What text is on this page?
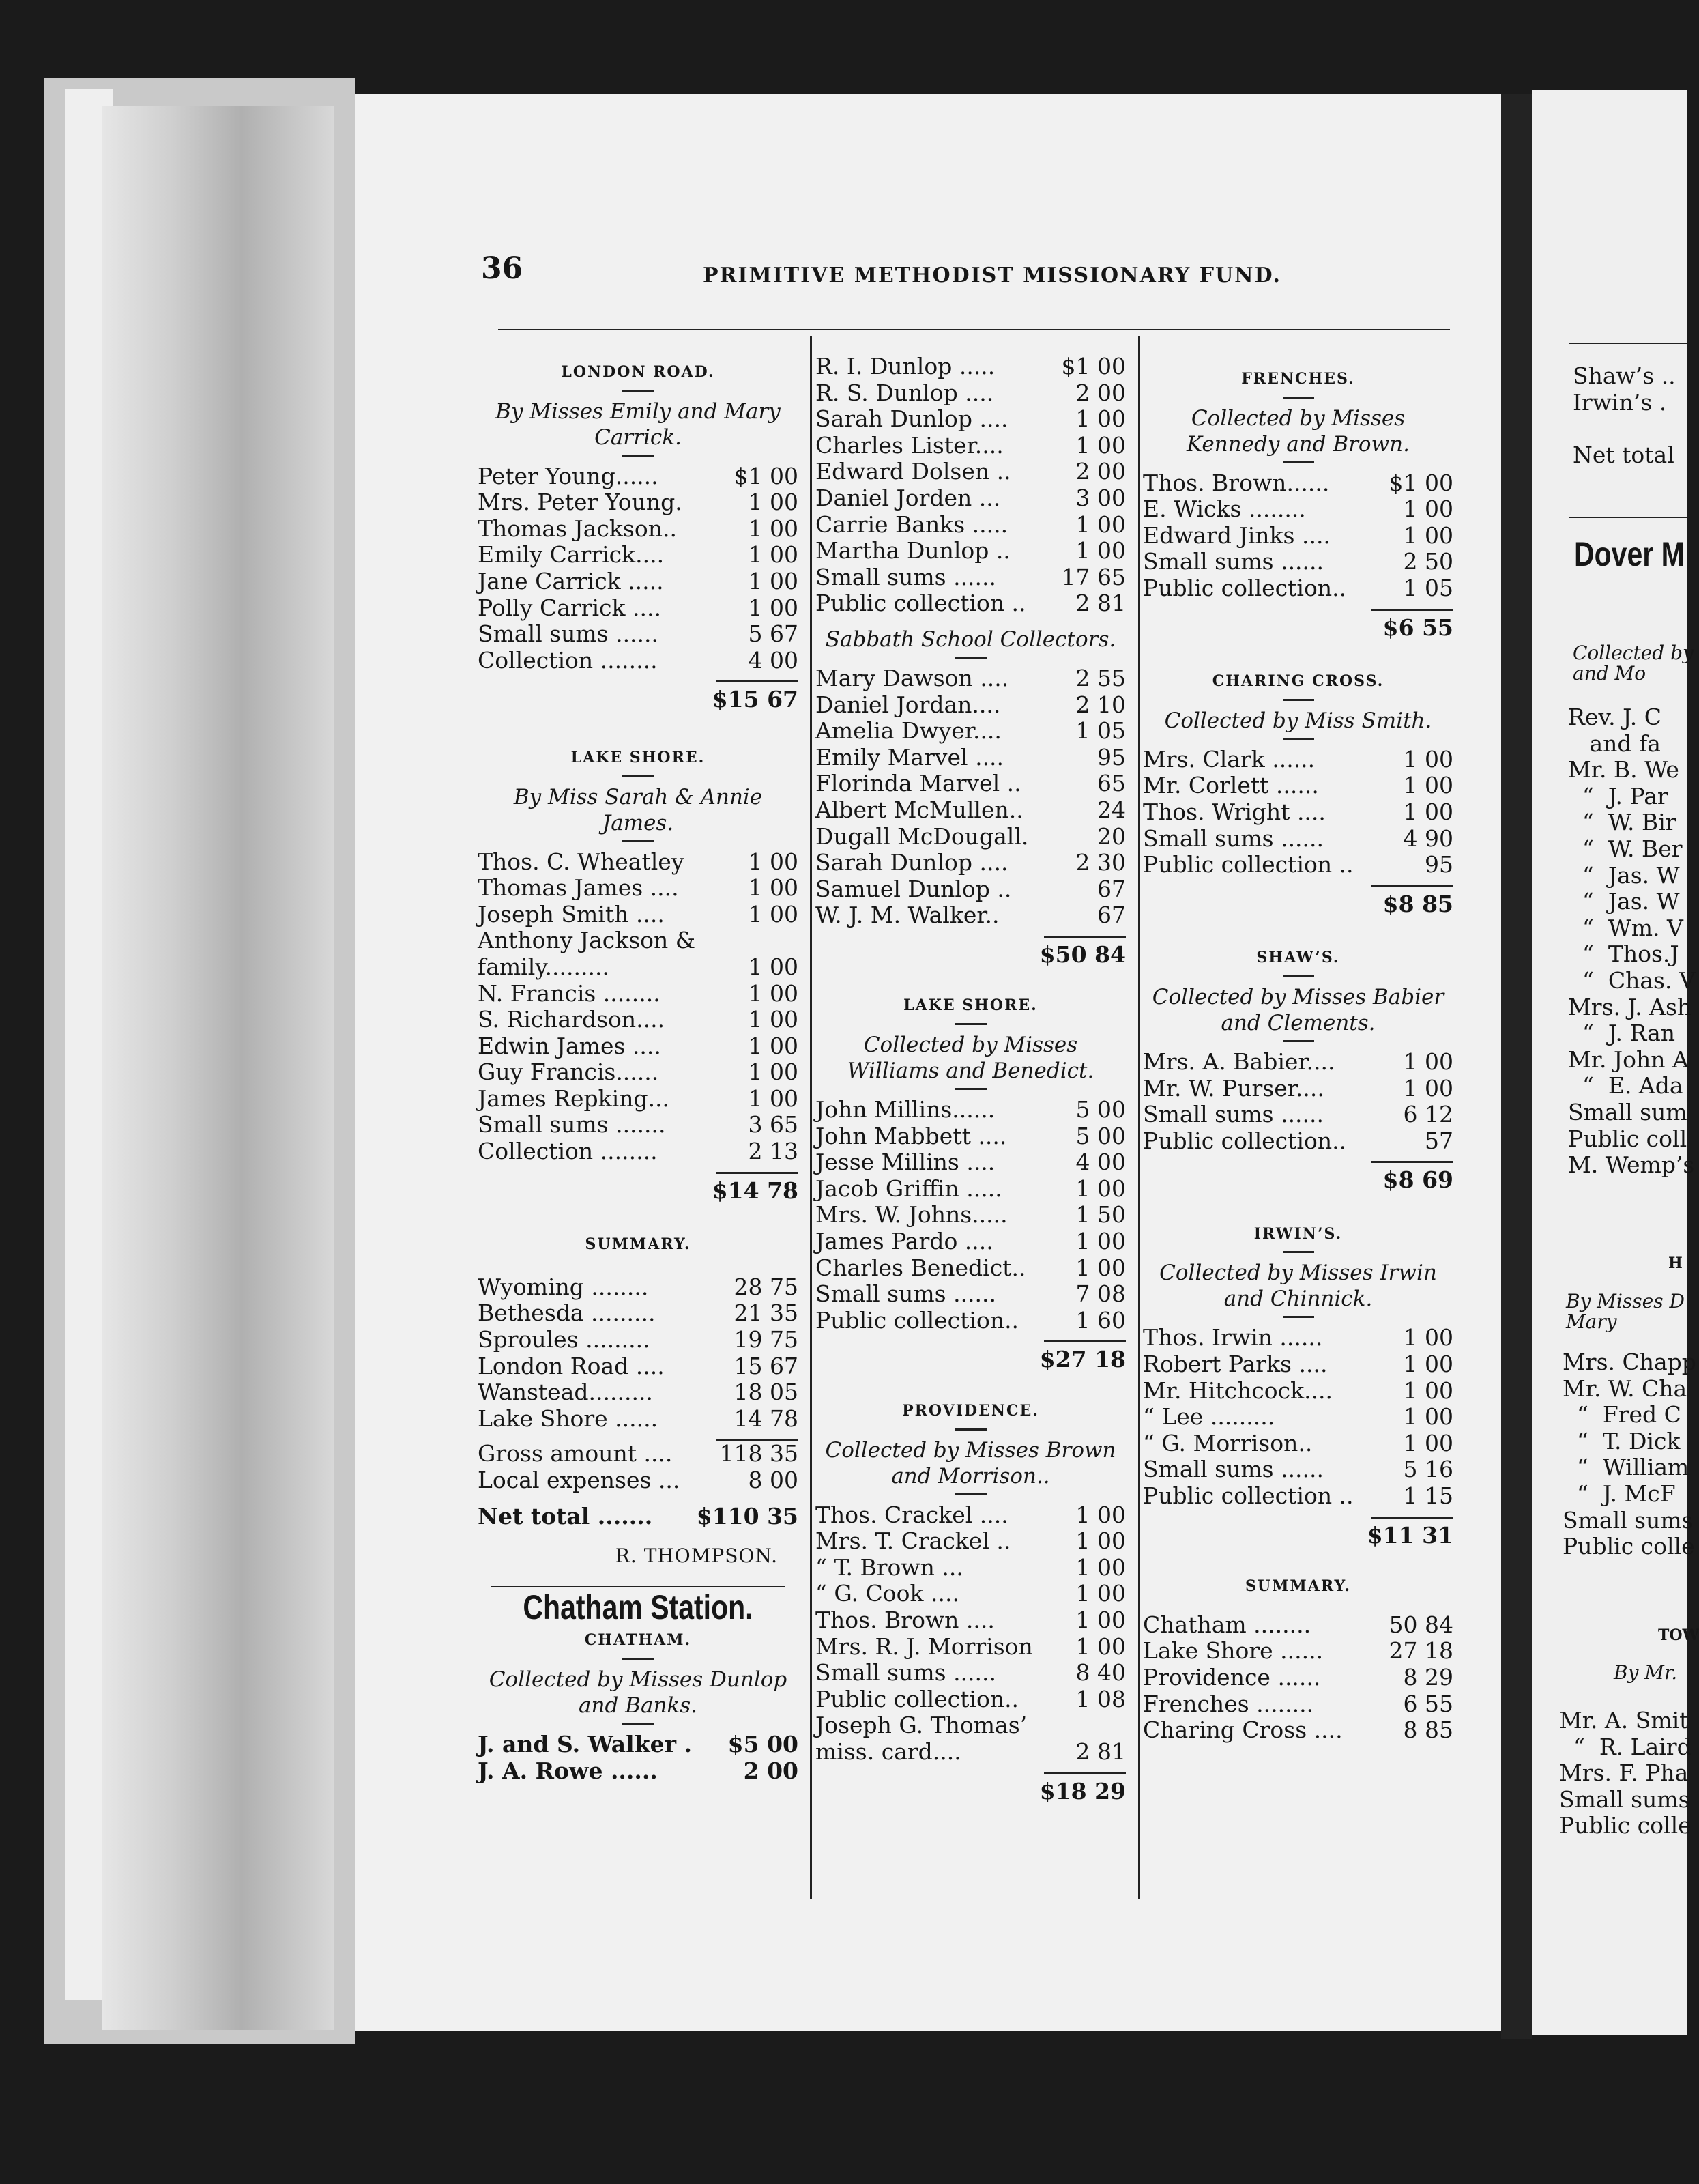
36	PRIMITIVE METHODIST MISSIONARY FUND.
LONDON ROAD.
By Misses Emily and Mary Carrick.
Peter Young......	$1 00
Mrs. Peter Young.	1 00
Thomas Jackson..	1 00
Emily Carrick....	1 00
Jane Carrick .....	1 00
Polly Carrick ....	1 00
Small sums ......	5 67
Collection ........	4 00
$15 67
LAKE SHORE.
By Miss Sarah & Annie James.
Thos. C. Wheatley	1 00
Thomas James ....	1 00
Joseph Smith ....	1 00
Anthony Jackson &
family.........	1 00
N. Francis ........	1 00
S. Richardson....	1 00
Edwin James ....	1 00
Guy Francis......	1 00
James Repking...	1 00
Small sums .......	3 65
Collection ........	2 13
$14 78
SUMMARY.
Wyoming ........	28 75
Bethesda .........	21 35
Sproules .........	19 75
London Road ....	15 67
Wanstead.........	18 05
Lake Shore ......	14 78
Gross amount ....	118 35
Local expenses ...	8 00
Net total .......	$110 35
R. THOMPSON.
Chatham Station.
CHATHAM.
Collected by Misses Dunlop and Banks.
J. and S. Walker .	$5 00
J. A. Rowe ......	2 00
R. I. Dunlop .....	$1 00
R. S. Dunlop ....	2 00
Sarah Dunlop ....	1 00
Charles Lister....	1 00
Edward Dolsen ..	2 00
Daniel Jorden ...	3 00
Carrie Banks .....	1 00
Martha Dunlop ..	1 00
Small sums ......	17 65
Public collection ..	2 81
Sabbath School Collectors.
Mary Dawson ....	2 55
Daniel Jordan....	2 10
Amelia Dwyer....	1 05
Emily Marvel ....	95
Florinda Marvel ..	65
Albert McMullen..	24
Dugall McDougall.	20
Sarah Dunlop ....	2 30
Samuel Dunlop ..	67
W. J. M. Walker..	67
$50 84
LAKE SHORE.
Collected by Misses Williams and Benedict.
John Millins......	5 00
John Mabbett ....	5 00
Jesse Millins ....	4 00
Jacob Griffin .....	1 00
Mrs. W. Johns.....	1 50
James Pardo ....	1 00
Charles Benedict..	1 00
Small sums ......	7 08
Public collection..	1 60
$27 18
PROVIDENCE.
Collected by Misses Brown and Morrison..
Thos. Crackel ....	1 00
Mrs. T. Crackel ..	1 00
“ T. Brown ...	1 00
“ G. Cook ....	1 00
Thos. Brown ....	1 00
Mrs. R. J. Morrison	1 00
Small sums ......	8 40
Public collection..	1 08
Joseph G. Thomas’
miss. card....	2 81
$18 29
FRENCHES.
Collected by Misses Kennedy and Brown.
Thos. Brown......	$1 00
E. Wicks ........	1 00
Edward Jinks ....	1 00
Small sums ......	2 50
Public collection..	1 05
$6 55
CHARING CROSS.
Collected by Miss Smith.
Mrs. Clark ......	1 00
Mr. Corlett ......	1 00
Thos. Wright ....	1 00
Small sums ......	4 90
Public collection ..	95
$8 85
SHAW’S.
Collected by Misses Babier and Clements.
Mrs. A. Babier....	1 00
Mr. W. Purser....	1 00
Small sums ......	6 12
Public collection..	57
$8 69
IRWIN’S.
Collected by Misses Irwin and Chinnick.
Thos. Irwin ......	1 00
Robert Parks ....	1 00
Mr. Hitchcock....	1 00
“ Lee .........	1 00
“ G. Morrison..	1 00
Small sums ......	5 16
Public collection ..	1 15
$11 31
SUMMARY.
Chatham ........	50 84
Lake Shore ......	27 18
Providence ......	8 29
Frenches ........	6 55
Charing Cross ....	8 85
Shaw’s ..
Irwin’s .
Net total
Dover M
Collected by
and Mo
Rev. J. C
and fa
Mr. B. We
“  J. Par
“  W. Bir
“  W. Ber
“  Jas. W
“  Jas. W
“  Wm. V
“  Thos.J
“  Chas. V
Mrs. J. Ash
“  J. Ran
Mr. John A
“  E. Ada
Small sum
Public coll
M. Wemp’s
H
By Misses D
Mary
Mrs. Chapp
Mr. W. Cha
“  Fred C
“  T. Dick
“  William
“  J. McF
Small sums
Public colle
TOW
By Mr.
Mr. A. Smit
“  R. Laird
Mrs. F. Pha
Small sums
Public colle
